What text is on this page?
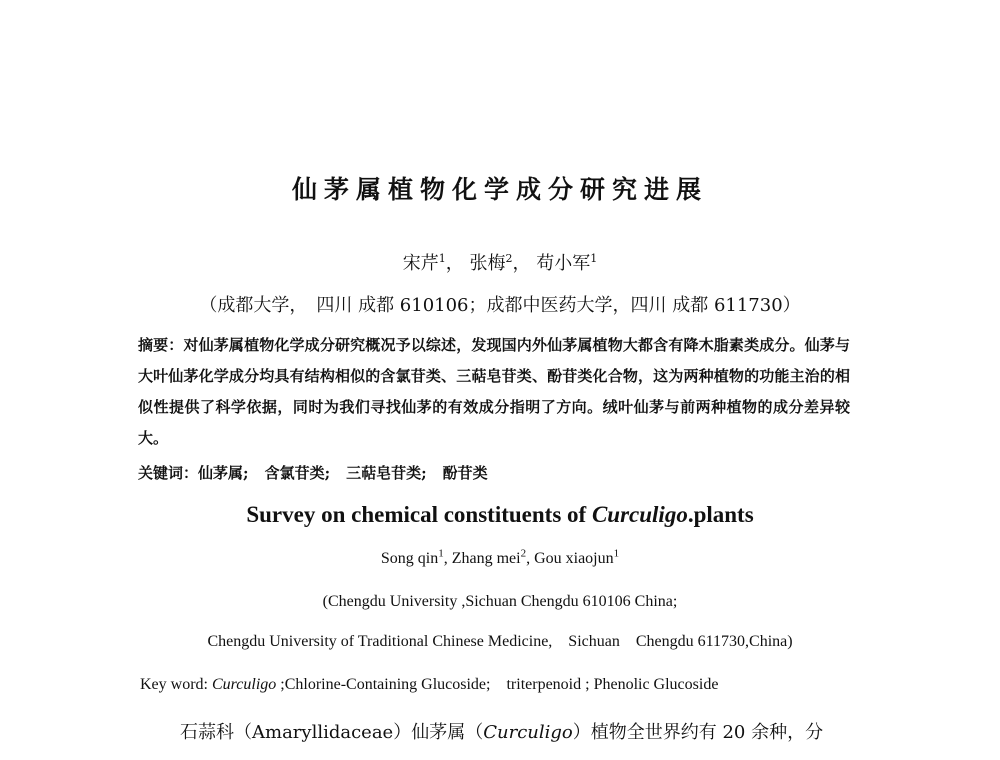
仙茅属植物化学成分研究进展
宋芹$^1$， 张梅$^2$， 苟小军$^1$
（成都大学，　四川 成都 610106；成都中医药大学，四川 成都 611730）

摘要：对仙茅属植物化学成分研究概况予以综述，发现国内外仙茅属植物大都含有降木脂素类成分。仙茅与大叶仙茅化学成分均具有结构相似的含氯苷类、三萜皂苷类、酚苷类化合物，这为两种植物的功能主治的相似性提供了科学依据，同时为我们寻找仙茅的有效成分指明了方向。绒叶仙茅与前两种植物的成分差异较大。

关键词：仙茅属; 含氯苷类; 三萜皂苷类; 酚苷类

Survey on chemical constituents of Curculigo.plants
Song qin$^1$, Zhang mei$^2$, Gou xiaojun$^1$
(Chengdu University ,Sichuan Chengdu 610106 China;
Chengdu University of Traditional Chinese Medicine,    Sichuan    Chengdu 611730,China)

Key word: Curculigo ;Chlorine-Containing Glucoside;    triterpenoid ; Phenolic Glucoside

石蒜科（Amaryllidaceae）仙茅属（Curculigo）植物全世界约有 20 余种，分
